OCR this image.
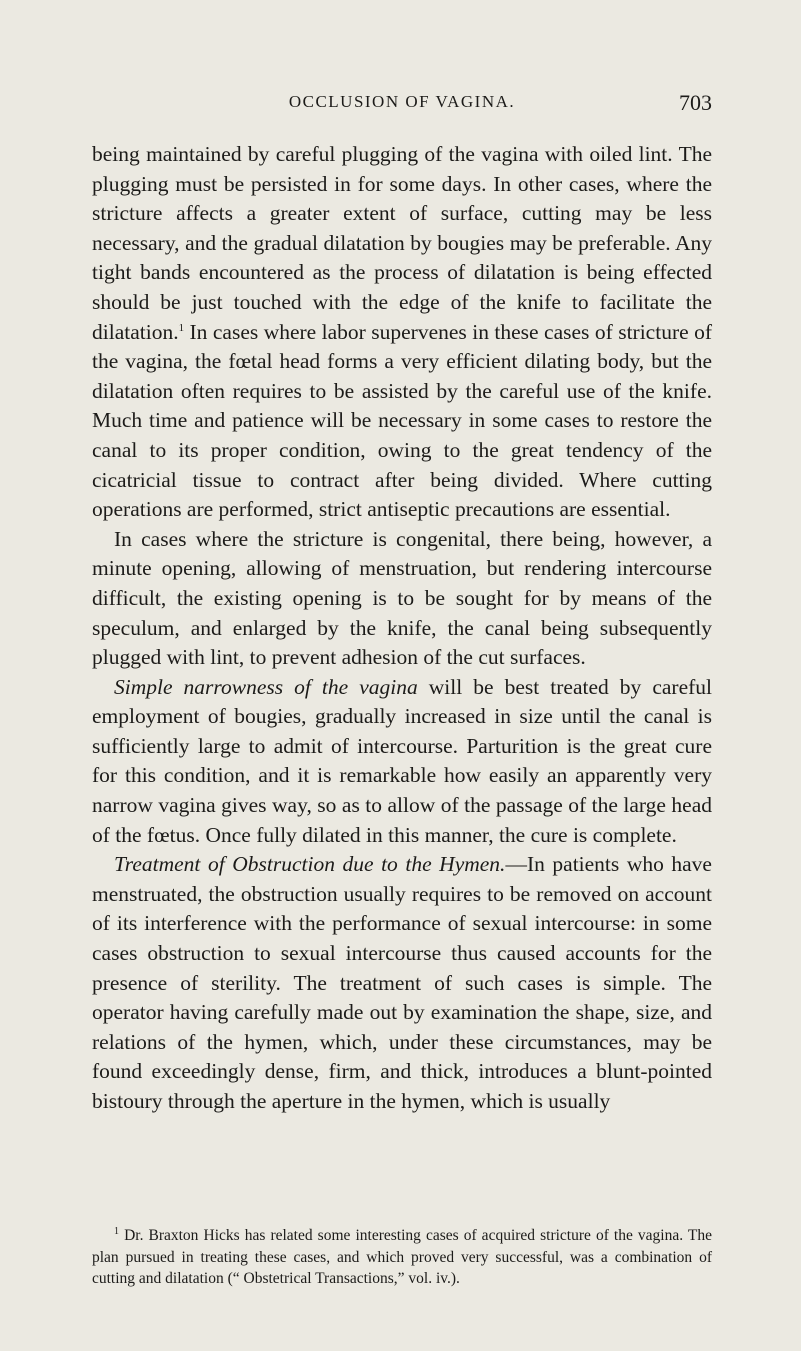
OCCLUSION OF VAGINA.	703

being maintained by careful plugging of the vagina with oiled lint. The plugging must be persisted in for some days. In other cases, where the stricture affects a greater extent of surface, cutting may be less necessary, and the gradual dilatation by bougies may be preferable. Any tight bands encountered as the process of dilatation is being effected should be just touched with the edge of the knife to facilitate the dilatation.$^1$ In cases where labor supervenes in these cases of stricture of the vagina, the fœtal head forms a very efficient dilating body, but the dilatation often requires to be assisted by the careful use of the knife. Much time and patience will be necessary in some cases to restore the canal to its proper condition, owing to the great tendency of the cicatricial tissue to contract after being divided. Where cutting operations are performed, strict antiseptic precautions are essential.

In cases where the stricture is congenital, there being, however, a minute opening, allowing of menstruation, but rendering intercourse difficult, the existing opening is to be sought for by means of the speculum, and enlarged by the knife, the canal being subsequently plugged with lint, to prevent adhesion of the cut surfaces.

Simple narrowness of the vagina will be best treated by careful employment of bougies, gradually increased in size until the canal is sufficiently large to admit of intercourse. Parturition is the great cure for this condition, and it is remarkable how easily an apparently very narrow vagina gives way, so as to allow of the passage of the large head of the fœtus. Once fully dilated in this manner, the cure is complete.

Treatment of Obstruction due to the Hymen.—In patients who have menstruated, the obstruction usually requires to be removed on account of its interference with the performance of sexual intercourse: in some cases obstruction to sexual intercourse thus caused accounts for the presence of sterility. The treatment of such cases is simple. The operator having carefully made out by examination the shape, size, and relations of the hymen, which, under these circumstances, may be found exceedingly dense, firm, and thick, introduces a blunt-pointed bistoury through the aperture in the hymen, which is usually

$^1$ Dr. Braxton Hicks has related some interesting cases of acquired stricture of the vagina. The plan pursued in treating these cases, and which proved very successful, was a combination of cutting and dilatation (“ Obstetrical Transactions,” vol. iv.).
